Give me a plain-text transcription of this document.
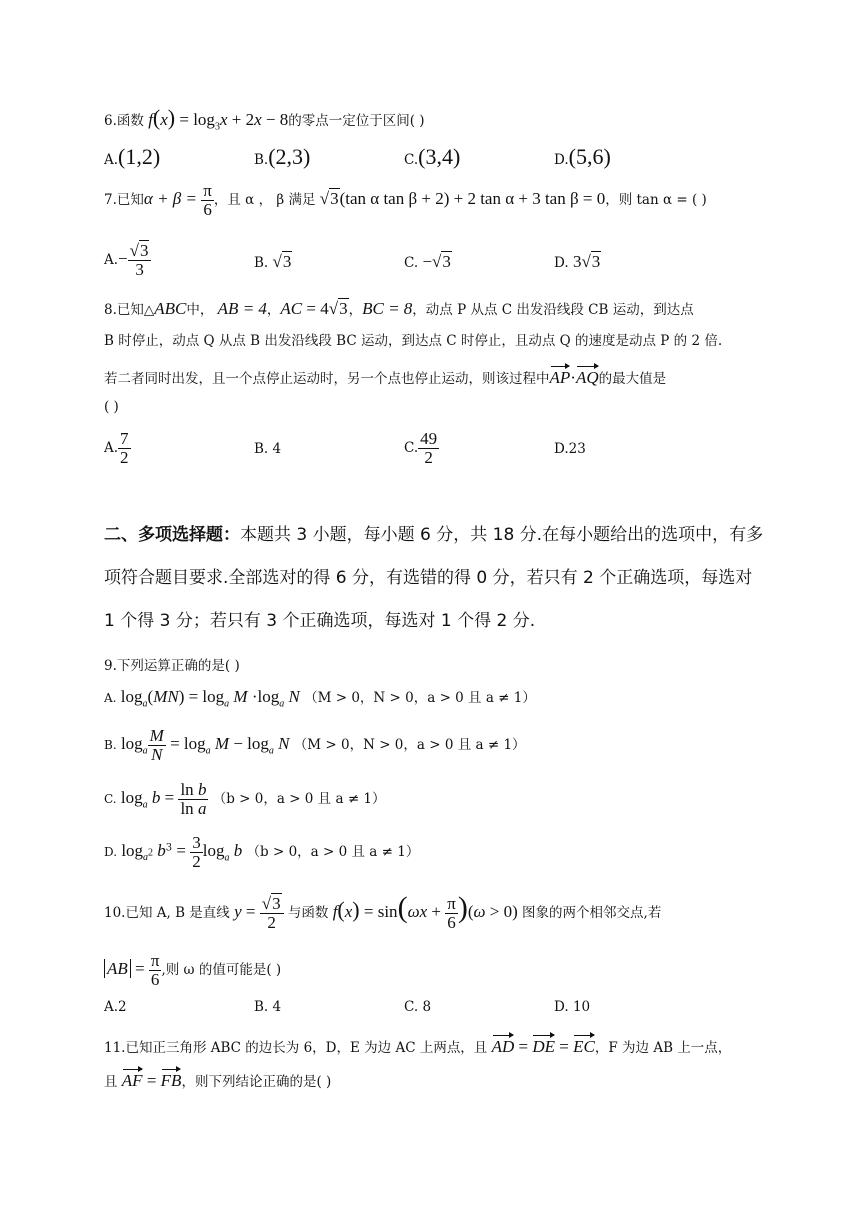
6.函数 $f(x) = \log_3x + 2x - 8$的零点一定位于区间( )
A.(1,2)	B.(2,3)	C.(3,4)	D.(5,6)
7.已知$\alpha + \beta = \frac{\pi}{6}$ ，且 α ， β 满足 √3(tan α tan β + 2) + 2 tan α + 3 tan β = 0，则 tan α = ( )
$A.- \frac{√3}{3}$	B. √3	C. −√3	D. 3√3
8.已知△ABC中， AB = 4，AC = 4√3，BC = 8，动点 P 从点 C 出发沿线段 CB 运动，到达点
B 时停止，动点 Q 从点 B 出发沿线段 BC 运动，到达点 C 时停止，且动点 Q 的速度是动点 P 的 2 倍.
若二者同时出发，且一个点停止运动时，另一个点也停止运动，则该过程中AP·AQ的最大值是
( )
A. $\frac{7}{2}$	B. 4	C. $\frac{49}{2}$	D.23
二、多项选择题：本题共 3 小题，每小题 6 分，共 18 分.在每小题给出的选项中，有多项符合题目要求.全部选对的得 6 分，有选错的得 0 分，若只有 2 个正确选项，每选对 1 个得 3 分；若只有 3 个正确选项，每选对 1 个得 2 分.
9.下列运算正确的是( )
A. $\log_a(MN) = \log_a M \cdot\log_a$ N （M > 0，N > 0，a > 0 且 a ≠ 1）
B. $\log_a \frac{M}{N} = \log_a M - \log_a N$ （M > 0，N > 0，a > 0 且 a ≠ 1）
C. $\log_a b = \frac{\text{ln b}}{\text{ln a}} (b > 0$，a > 0 且 a ≠ 1）
D. $\log_{a^2} b^3 = \frac{3}{2} \log_a b$ （b > 0，a > 0 且 a ≠ 1）
10.已知 A, B 是直线 $y = \frac{√3}{2}$ 与函数 $f(x) = \sin(\omega x + \frac{\pi}{6} )(\omega > 0)$ 图象的两个相邻交点,若
AB = $\frac{\pi}{6}$ ,则 ω 的值可能是( )
A.2	B. 4	C. 8	D. 10
11.已知正三角形 ABC 的边长为 6，D，E 为边 AC 上两点，且 AD = DE = EC，F 为边 AB 上一点，
且 AF = FB，则下列结论正确的是( )
